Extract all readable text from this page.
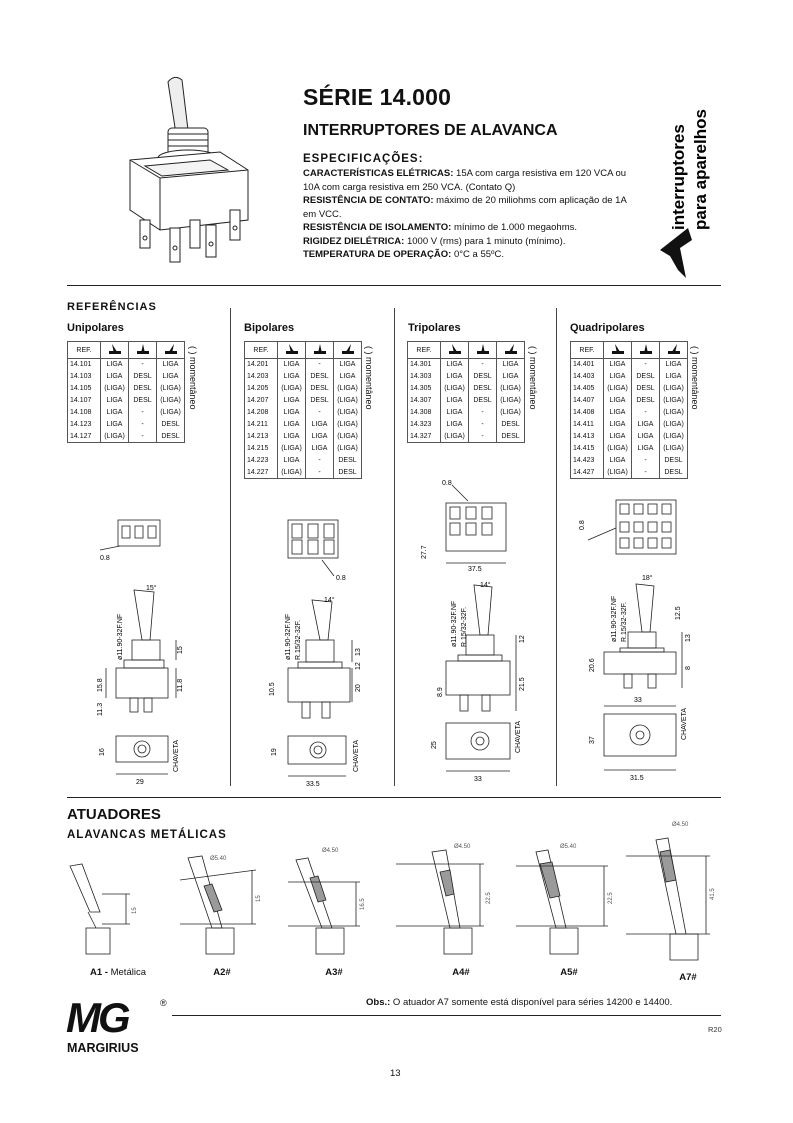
SÉRIE 14.000
INTERRUPTORES DE ALAVANCA
ESPECIFICAÇÕES:
CARACTERÍSTICAS ELÉTRICAS: 15A com carga resistiva em 120 VCA ou 10A com carga resistiva em 250 VCA. (Contato Q)
RESISTÊNCIA DE CONTATO: máximo de 20 miliohms com aplicação de 1A em VCC.
RESISTÊNCIA DE ISOLAMENTO: mínimo de 1.000 megaohms.
RIGIDEZ DIELÉTRICA: 1000 V (rms) para 1 minuto (mínimo).
TEMPERATURA DE OPERAÇÃO: 0°C a 55ºC.
interruptores para aparelhos
REFERÊNCIAS
Unipolares	Bipolares	Tripolares	Quadripolares
REF.			
14.101	LIGA	-	LIGA
14.103	LIGA	DESL	LIGA
14.105	(LIGA)	DESL	(LIGA)
14.107	LIGA	DESL	(LIGA)
14.108	LIGA	-	(LIGA)
14.123	LIGA	-	DESL
14.127	(LIGA)	-	DESL
REF.			
14.201	LIGA	-	LIGA
14.203	LIGA	DESL	LIGA
14.205	(LIGA)	DESL	(LIGA)
14.207	LIGA	DESL	(LIGA)
14.208	LIGA	-	(LIGA)
14.211	LIGA	LIGA	(LIGA)
14.213	LIGA	LIGA	(LIGA)
14.215	(LIGA)	LIGA	(LIGA)
14.223	LIGA	-	DESL
14.227	(LIGA)	-	DESL
REF.			
14.301	LIGA	-	LIGA
14.303	LIGA	DESL	LIGA
14.305	(LIGA)	DESL	(LIGA)
14.307	LIGA	DESL	(LIGA)
14.308	LIGA	-	(LIGA)
14.323	LIGA	-	DESL
14.327	(LIGA)	-	DESL
REF.			
14.401	LIGA	-	LIGA
14.403	LIGA	DESL	LIGA
14.405	(LIGA)	DESL	(LIGA)
14.407	LIGA	DESL	(LIGA)
14.408	LIGA	-	(LIGA)
14.411	LIGA	LIGA	(LIGA)
14.413	LIGA	LIGA	(LIGA)
14.415	(LIGA)	LIGA	(LIGA)
14.423	LIGA	-	DESL
14.427	(LIGA)	-	DESL
( ) momentâneo	( ) momentâneo	( ) momentâneo	( ) momentâneo
0.8
15°
ø11.90-32F.NF	15
15.8	11.8
11.3
16	CHAVETA
29
0.8
14°
ø11.90-32F.NF R.15/32-32F.	13
12
20
10.5
19	CHAVETA
33.5
0.8
27.7
37.5
14°
ø11.90-32F.NF R.15/32-32F.	12
21.5
8.9
25	CHAVETA
33
0.8
18°
ø11.90-32F.NF R.15/32-32F.	12.5
13
8
20.6
33
37
CHAVETA
31.5
ATUADORES
ALAVANCAS METÁLICAS
15
Ø5.40
15
Ø4.50
16.5
Ø4.50
22.5
Ø5.40
22.5
Ø4.50
41.5
A1 - Metálica	A2#	A3#	A4#	A5#	A7#
MG	®
MARGIRIUS
Obs.: O atuador A7 somente está disponível para séries 14200 e 14400.
R20
13
